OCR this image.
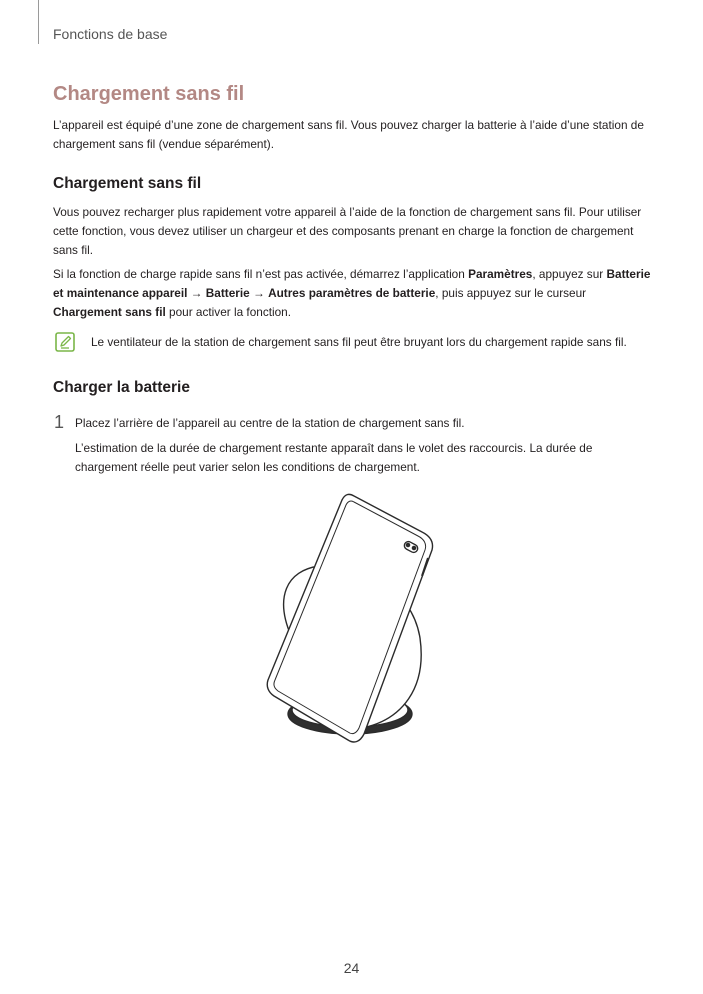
Fonctions de base
Chargement sans fil

L’appareil est équipé d’une zone de chargement sans fil. Vous pouvez charger la batterie à l’aide d’une station de chargement sans fil (vendue séparément).

Chargement sans fil

Vous pouvez recharger plus rapidement votre appareil à l’aide de la fonction de chargement sans fil. Pour utiliser cette fonction, vous devez utiliser un chargeur et des composants prenant en charge la fonction de chargement sans fil.

Si la fonction de charge rapide sans fil n’est pas activée, démarrez l’application Paramètres, appuyez sur Batterie et maintenance appareil → Batterie → Autres paramètres de batterie, puis appuyez sur le curseur Chargement sans fil pour activer la fonction.

Le ventilateur de la station de chargement sans fil peut être bruyant lors du chargement rapide sans fil.
Charger la batterie
1 Placez l’arrière de l’appareil au centre de la station de chargement sans fil.

L’estimation de la durée de chargement restante apparaît dans le volet des raccourcis. La durée de chargement réelle peut varier selon les conditions de chargement.

24
